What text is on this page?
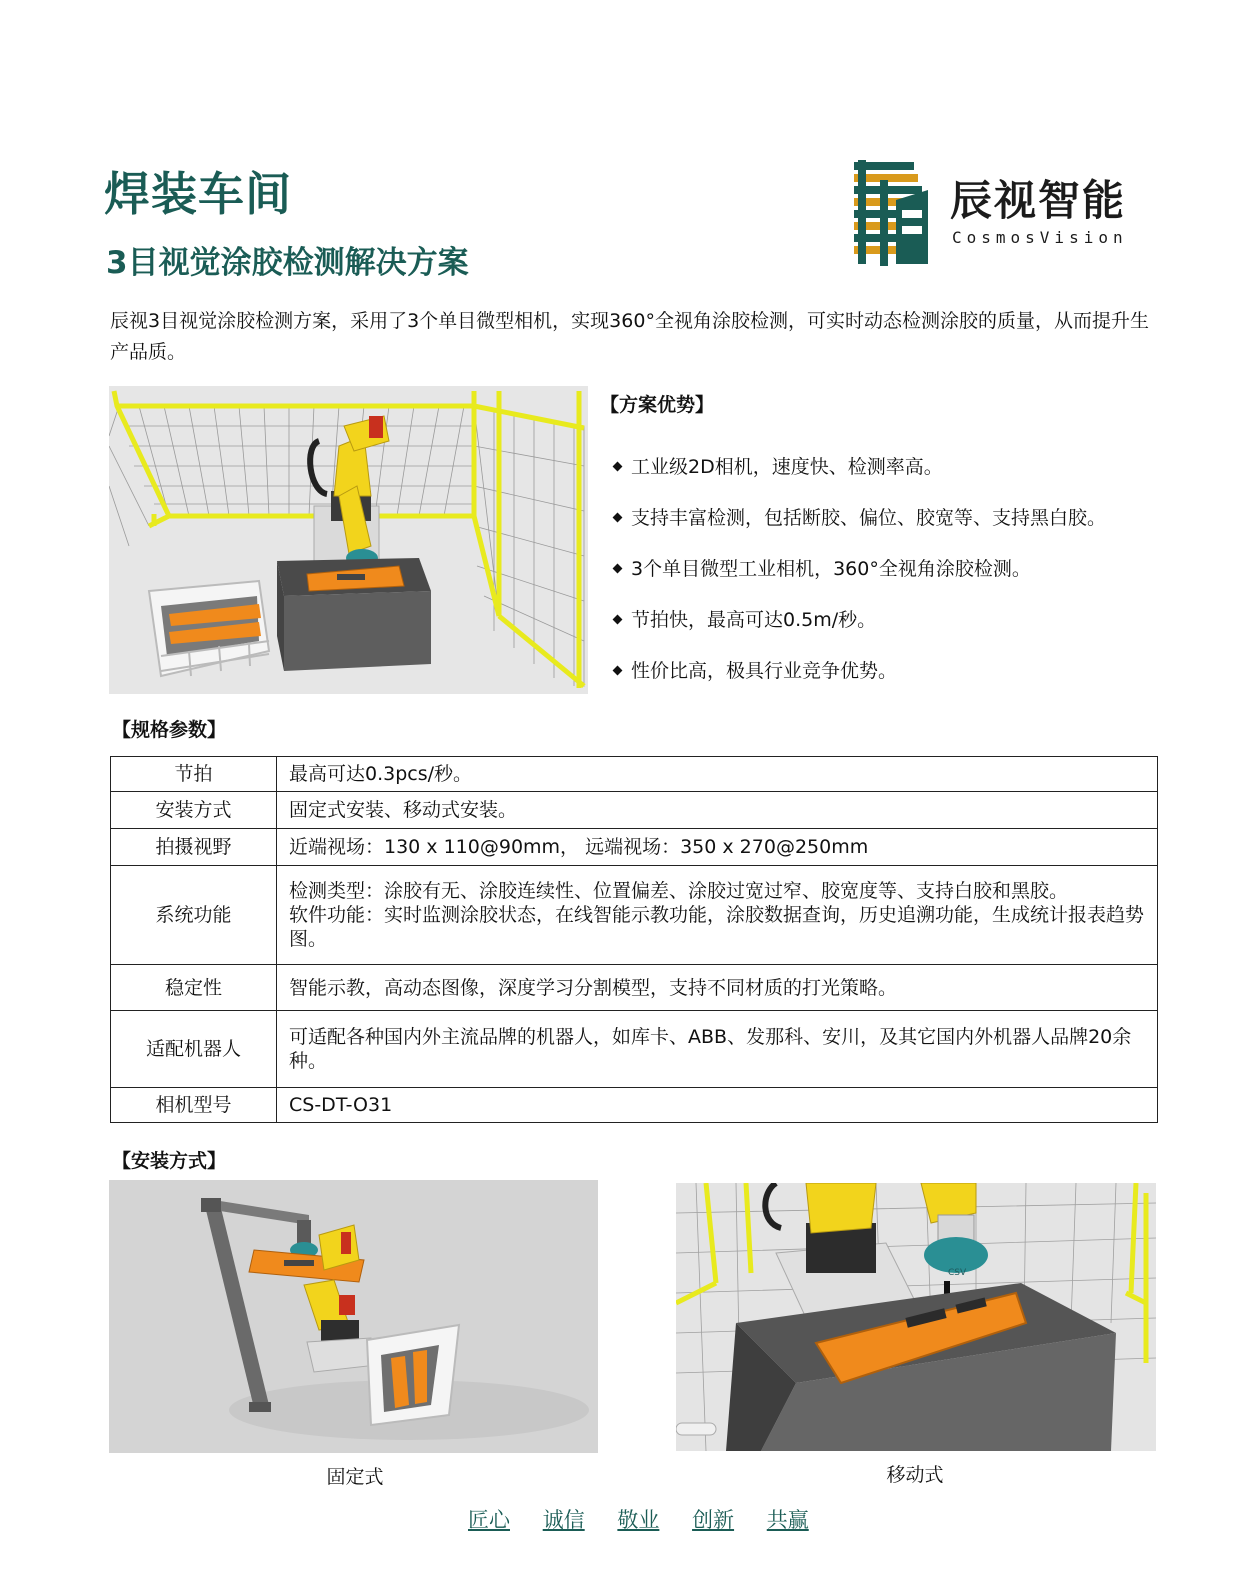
焊装车间
3目视觉涂胶检测解决方案
辰视智能
CosmosVision
辰视3目视觉涂胶检测方案，采用了3个单目微型相机，实现360°全视角涂胶检测，可实时动态检测涂胶的质量，从而提升生产品质。
【方案优势】
工业级2D相机，速度快、检测率高。
支持丰富检测，包括断胶、偏位、胶宽等、支持黑白胶。
3个单目微型工业相机，360°全视角涂胶检测。
节拍快，最高可达0.5m/秒。
性价比高，极具行业竞争优势。
【规格参数】
节拍	最高可达0.3pcs/秒。
安装方式	固定式安装、移动式安装。
拍摄视野	近端视场：130 x 110@90mm， 远端视场：350 x 270@250mm
系统功能	检测类型：涂胶有无、涂胶连续性、位置偏差、涂胶过宽过窄、胶宽度等、支持白胶和黑胶。
软件功能：实时监测涂胶状态，在线智能示教功能，涂胶数据查询，历史追溯功能，生成统计报表趋势图。

稳定性	智能示教，高动态图像，深度学习分割模型，支持不同材质的打光策略。
适配机器人	可适配各种国内外主流品牌的机器人，如库卡、ABB、发那科、安川，及其它国内外机器人品牌20余种。
相机型号	CS-DT-O31
【安装方式】
CSV
固定式	移动式
匠心 诚信 敬业 创新 共赢
